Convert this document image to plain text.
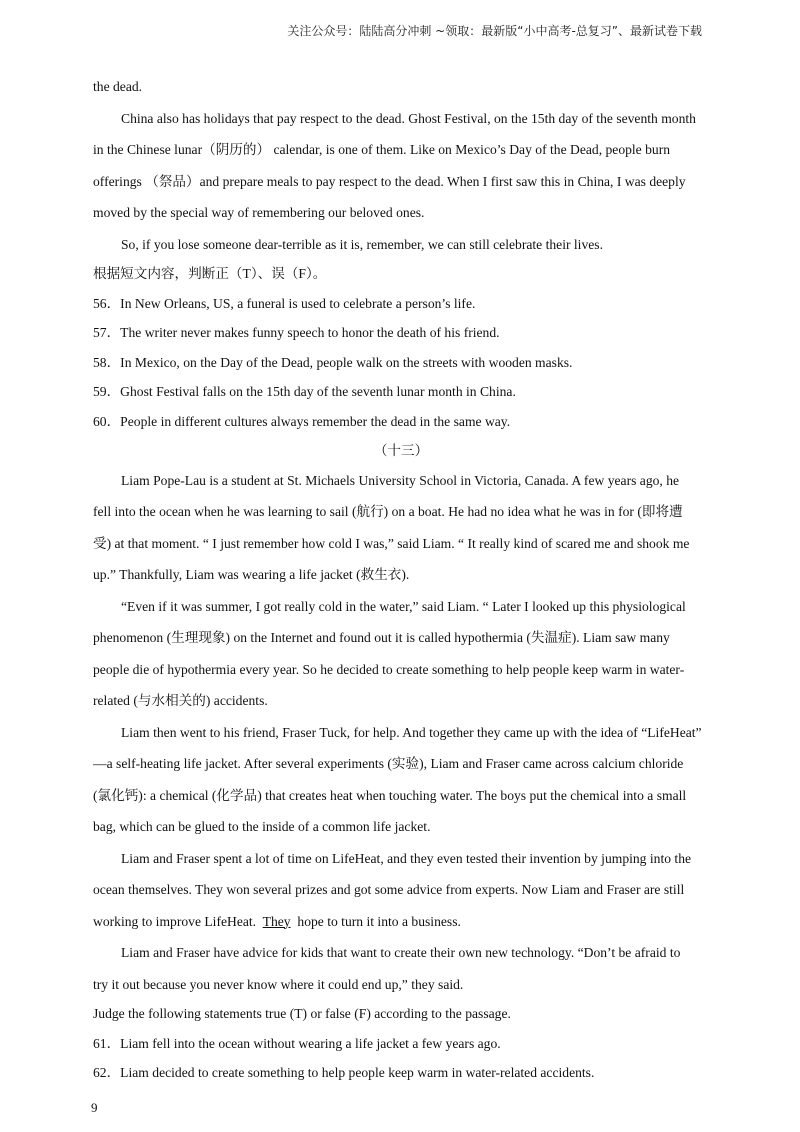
关注公众号：陆陆高分冲刺 ~领取：最新版“小中高考-总复习”、最新试卷下载
the dead.
China also has holidays that pay respect to the dead. Ghost Festival, on the 15th day of the seventh month
in the Chinese lunar（阴历的） calendar, is one of them. Like on Mexico’s Day of the Dead, people burn
offerings （祭品）and prepare meals to pay respect to the dead. When I first saw this in China, I was deeply
moved by the special way of remembering our beloved ones.
So, if you lose someone dear-terrible as it is, remember, we can still celebrate their lives.
根据短文内容，判断正（T）、误（F）。
56．In New Orleans, US, a funeral is used to celebrate a person’s life.
57．The writer never makes funny speech to honor the death of his friend.
58．In Mexico, on the Day of the Dead, people walk on the streets with wooden masks.
59．Ghost Festival falls on the 15th day of the seventh lunar month in China.
60．People in different cultures always remember the dead in the same way.
（十三）
Liam Pope-Lau is a student at St. Michaels University School in Victoria, Canada. A few years ago, he
fell into the ocean when he was learning to sail (航行) on a boat. He had no idea what he was in for (即将遭
受) at that moment. “ I just remember how cold I was,” said Liam. “ It really kind of scared me and shook me
up.” Thankfully, Liam was wearing a life jacket (救生衣).
“Even if it was summer, I got really cold in the water,” said Liam. “ Later I looked up this physiological
phenomenon (生理现象) on the Internet and found out it is called hypothermia (失温症). Liam saw many
people die of hypothermia every year. So he decided to create something to help people keep warm in water-
related (与水相关的) accidents.
Liam then went to his friend, Fraser Tuck, for help. And together they came up with the idea of “LifeHeat”
—a self-heating life jacket. After several experiments (实验), Liam and Fraser came across calcium chloride
(氯化钙): a chemical (化学品) that creates heat when touching water. The boys put the chemical into a small
bag, which can be glued to the inside of a common life jacket.
Liam and Fraser spent a lot of time on LifeHeat, and they even tested their invention by jumping into the
ocean themselves. They won several prizes and got some advice from experts. Now Liam and Fraser are still
working to improve LifeHeat. They hope to turn it into a business.
Liam and Fraser have advice for kids that want to create their own new technology. “Don’t be afraid to
try it out because you never know where it could end up,” they said.
Judge the following statements true (T) or false (F) according to the passage.
61．Liam fell into the ocean without wearing a life jacket a few years ago.
62．Liam decided to create something to help people keep warm in water-related accidents.
9
